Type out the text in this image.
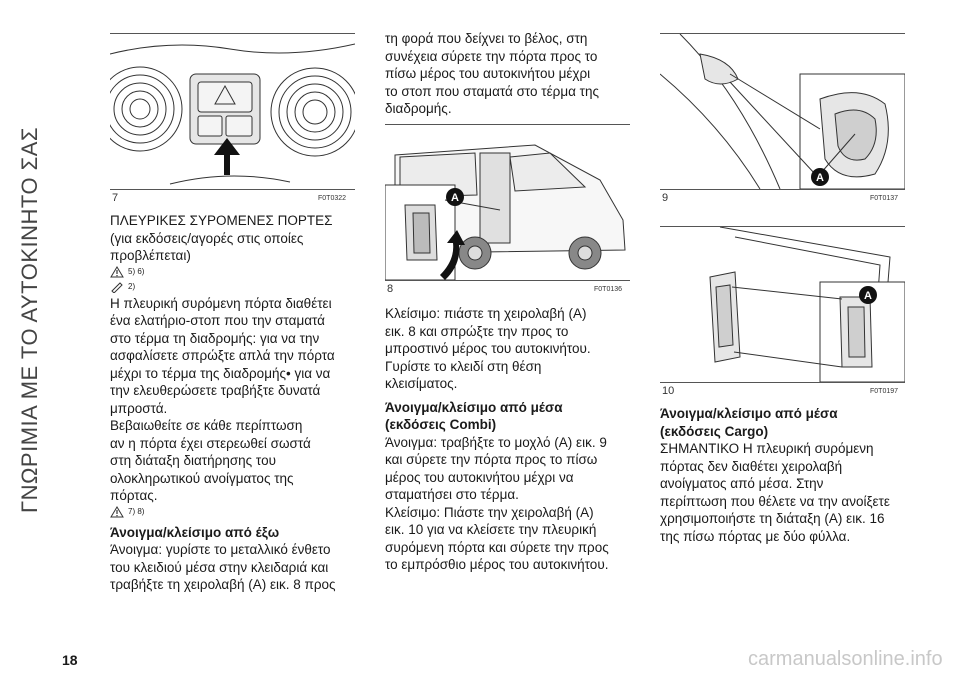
ΓΝΩΡΙΜΙΑ ΜΕ ΤΟ ΑΥΤΟΚΙΝΗΤΟ ΣΑΣ	7	F0T0322

ΠΛΕΥΡΙΚΕΣ ΣΥΡΟΜΕΝΕΣ ΠΟΡΤΕΣ

(για εκδόσεις/αγορές στις οποίες

προβλέπεται)

5) 6)
2)

Η πλευρική συρόμενη πόρτα διαθέτει

ένα ελατήριο-στοπ που την σταματά

στο τέρμα τη διαδρομής: για να την

ασφαλίσετε σπρώξτε απλά την πόρτα

μέχρι το τέρμα της διαδρομής• για να

την ελευθερώσετε τραβήξτε δυνατά

μπροστά.

Βεβαιωθείτε σε κάθε περίπτωση

αν η πόρτα έχει στερεωθεί σωστά

στη διάταξη διατήρησης του

ολοκληρωτικού ανοίγματος της

πόρτας.

7) 8)

Άνοιγμα/κλείσιμο από έξω

Άνοιγμα: γυρίστε το μεταλλικό ένθετο

του κλειδιού μέσα στην κλειδαριά και

τραβήξτε τη χειρολαβή (A) εικ. 8 προς

τη φορά που δείχνει το βέλος, στη

συνέχεια σύρετε την πόρτα προς το

πίσω μέρος του αυτοκινήτου μέχρι

το στοπ που σταματά στο τέρμα της

διαδρομής.

A
8	F0T0136

Κλείσιμο: πιάστε τη χειρολαβή (A)

εικ. 8 και σπρώξτε την προς το

μπροστινό μέρος του αυτοκινήτου.

Γυρίστε το κλειδί στη θέση

κλεισίματος.

Άνοιγμα/κλείσιμο από μέσα

(εκδόσεις Combi)

Άνοιγμα: τραβήξτε το μοχλό (A) εικ. 9

και σύρετε την πόρτα προς το πίσω

μέρος του αυτοκινήτου μέχρι να

σταματήσει στο τέρμα.

Κλείσιμο: Πιάστε την χειρολαβή (A)

εικ. 10 για να κλείσετε την πλευρική

συρόμενη πόρτα και σύρετε την προς

το εμπρόσθιο μέρος του αυτοκινήτου.

A
9	F0T0137
A
10	F0T0197

Άνοιγμα/κλείσιμο από μέσα

(εκδόσεις Cargo)

ΣΗΜΑΝΤΙΚΟ Η πλευρική συρόμενη

πόρτας δεν διαθέτει χειρολαβή

ανοίγματος από μέσα. Στην

περίπτωση που θέλετε να την ανοίξετε

χρησιμοποιήστε τη διάταξη (A) εικ. 16

της πίσω πόρτας με δύο φύλλα.

18	carmanualsonline.info
